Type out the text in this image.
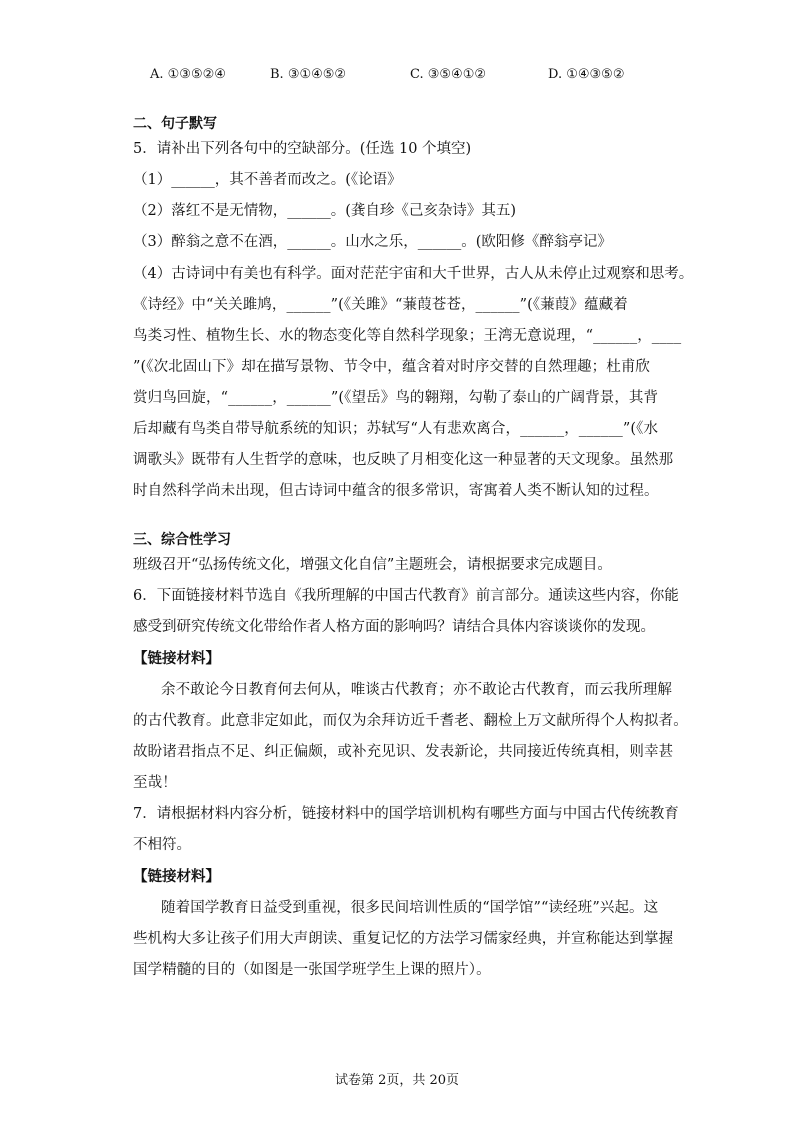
A. ①③⑤②④	B. ③①④⑤②	C. ③⑤④①②	D. ①④③⑤②
二、句子默写
5．请补出下列各句中的空缺部分。(任选 10 个填空)
（1）______，其不善者而改之。(《论语》
（2）落红不是无情物，______。(龚自珍《己亥杂诗》其五)
（3）醉翁之意不在酒，______。山水之乐，______。(欧阳修《醉翁亭记》
（4）古诗词中有美也有科学。面对茫茫宇宙和大千世界，古人从未停止过观察和思考。
《诗经》中“关关雎鸠，______”(《关雎》“蒹葭苍苍，______”(《蒹葭》蕴藏着
鸟类习性、植物生长、水的物态变化等自然科学现象；王湾无意说理，“______，____
”(《次北固山下》却在描写景物、节令中，蕴含着对时序交替的自然理趣；杜甫欣
赏归鸟回旋，“______，______”(《望岳》鸟的翱翔，勾勒了泰山的广阔背景，其背
后却藏有鸟类自带导航系统的知识；苏轼写“人有悲欢离合，______，______”(《水
调歌头》既带有人生哲学的意味，也反映了月相变化这一种显著的天文现象。虽然那
时自然科学尚未出现，但古诗词中蕴含的很多常识，寄寓着人类不断认知的过程。
三、综合性学习
班级召开“弘扬传统文化，增强文化自信”主题班会，请根据要求完成题目。
6．下面链接材料节选自《我所理解的中国古代教育》前言部分。通读这些内容，你能
感受到研究传统文化带给作者人格方面的影响吗？请结合具体内容谈谈你的发现。
【链接材料】
余不敢论今日教育何去何从，唯谈古代教育；亦不敢论古代教育，而云我所理解
的古代教育。此意非定如此，而仅为余拜访近千耆老、翻检上万文献所得个人构拟者。
故盼诸君指点不足、纠正偏颇，或补充见识、发表新论，共同接近传统真相，则幸甚
至哉！
7．请根据材料内容分析，链接材料中的国学培训机构有哪些方面与中国古代传统教育
不相符。
【链接材料】
随着国学教育日益受到重视，很多民间培训性质的“国学馆”“读经班”兴起。这
些机构大多让孩子们用大声朗读、重复记忆的方法学习儒家经典，并宣称能达到掌握
国学精髓的目的（如图是一张国学班学生上课的照片）。
试卷第 2页，共 20页
